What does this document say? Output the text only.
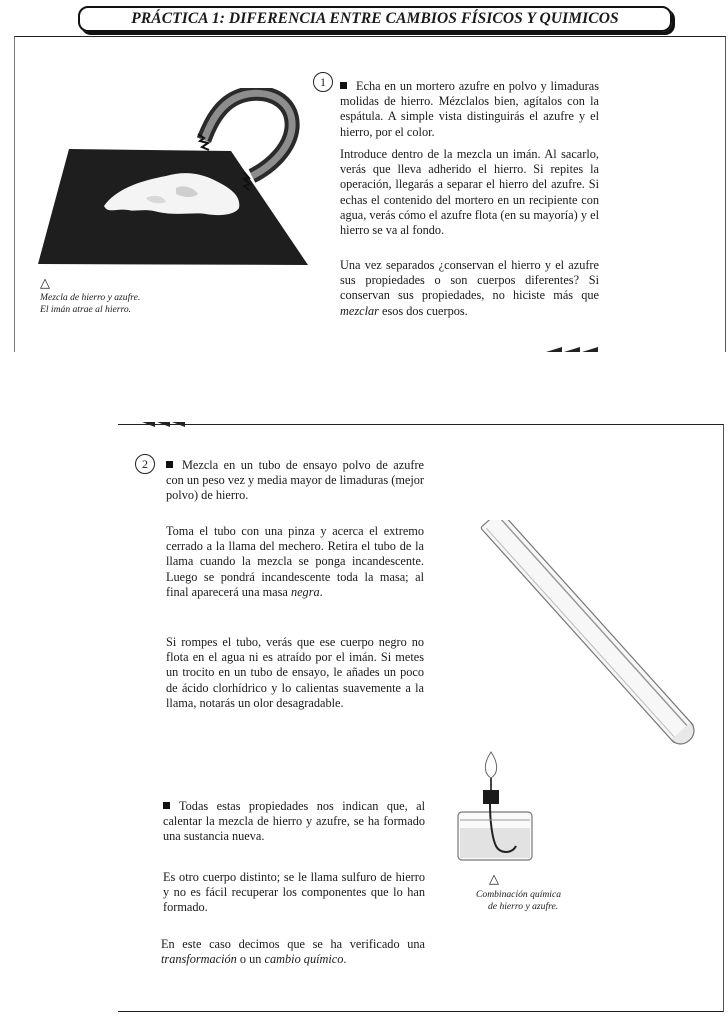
PRÁCTICA 1: DIFERENCIA ENTRE CAMBIOS FÍSICOS Y QUIMICOS
△
Mezcla de hierro y azufre.
El imán atrae al hierro.
1	Echa en un mortero azufre en polvo y limaduras molidas de hierro. Mézclalos bien, agítalos con la espátula. A simple vista distinguirás el azufre y el hierro, por el color.
Introduce dentro de la mezcla un imán. Al sacarlo, verás que lleva adherido el hierro. Si repites la operación, llegarás a separar el hierro del azufre. Si echas el contenido del mortero en un recipiente con agua, verás cómo el azufre flota (en su mayoría) y el hierro se va al fondo.
Una vez separados ¿conservan el hierro y el azufre sus propiedades o son cuerpos diferentes? Si conservan sus propiedades, no hiciste más que mezclar esos dos cuerpos.
2	Mezcla en un tubo de ensayo polvo de azufre con un peso vez y media mayor de limaduras (mejor polvo) de hierro.
Toma el tubo con una pinza y acerca el extremo cerrado a la llama del mechero. Retira el tubo de la llama cuando la mezcla se ponga incandescente. Luego se pondrá incandescente toda la masa; al final aparecerá una masa negra.
Si rompes el tubo, verás que ese cuerpo negro no flota en el agua ni es atraído por el imán. Si metes un trocito en un tubo de ensayo, le añades un poco de ácido clorhídrico y lo calientas suavemente a la llama, notarás un olor desagradable.
Todas estas propiedades nos indican que, al calentar la mezcla de hierro y azufre, se ha formado una sustancia nueva.
Es otro cuerpo distinto; se le llama sulfuro de hierro y no es fácil recuperar los componentes que lo han formado.
En este caso decimos que se ha verificado una transformación o un cambio químico.
△
Combinación química
de hierro y azufre.
